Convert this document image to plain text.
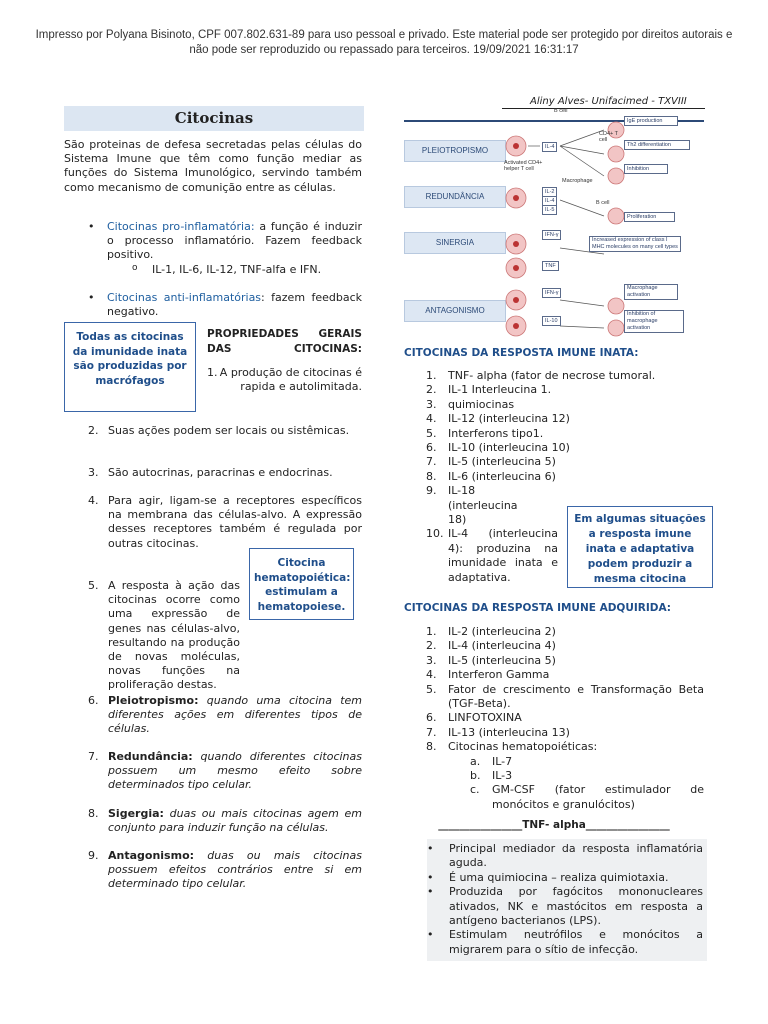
Impresso por Polyana Bisinoto, CPF 007.802.631-89 para uso pessoal e privado. Este material pode ser protegido por direitos autorais e
não pode ser reproduzido ou repassado para terceiros. 19/09/2021 16:31:17
Citocinas
Aliny Alves- Unifacimed - TXVIII
São proteinas de defesa secretadas pelas células do Sistema Imune que têm como função mediar as funções do Sistema Imunológico, servindo também como mecanismo de comunição entre as células.
• Citocinas pro-inflamatória: a função é induzir o processo inflamatório. Fazem feedback positivo.
o IL-1, IL-6, IL-12, TNF-alfa e IFN.
• Citocinas anti-inflamatórias: fazem feedback negativo.
Todas as citocinas da imunidade inata são produzidas por macrófagos
PROPRIEDADES GERAIS DAS CITOCINAS:
1. A produção de citocinas é rapida e autolimitada.
2. Suas ações podem ser locais ou sistêmicas.
3. São autocrinas, paracrinas e endocrinas.
4. Para agir, ligam-se a receptores específicos na membrana das células-alvo. A expressão desses receptores também é regulada por outras citocinas.
Citocina hematopoiética: estimulam a hematopoiese.
5. A resposta à ação das citocinas ocorre como uma expressão de genes nas células-alvo, resultando na produção de novas moléculas, novas funções na proliferação destas.
6. Pleiotropismo: quando uma citocina tem diferentes ações em diferentes tipos de células.
7. Redundância: quando diferentes citocinas possuem um mesmo efeito sobre determinados tipo celular.
8. Sigergia: duas ou mais citocinas agem em conjunto para induzir função na células.
9. Antagonismo: duas ou mais citocinas possuem efeitos contrários entre si em determinado tipo celular.
PLEIOTROPISMO
REDUNDÂNCIA
SINERGIA
ANTAGONISMO
B cell
CD4+ T cell
Activated CD4+ helper T cell
Macrophage
B cell
IL-4
IL-2
IL-4
IL-5
IFN-γ
TNF
IFN-γ
IL-10
IgE production
Th2 differentiation
Inhibition
Proliferation
Increased expression of class I MHC molecules on many cell types
Macrophage activation
Inhibition of macrophage activation
CITOCINAS DA RESPOSTA IMUNE INATA:
1.	TNF- alpha (fator de necrose tumoral.
2.	IL-1 Interleucina 1.
3.	quimiocinas
4.	IL-12 (interleucina 12)
5.	Interferons tipo1.
6.	IL-10 (interleucina 10)
7.	IL-5 (interleucina 5)
8.	IL-6 (interleucina 6)
9.	IL-18 (interleucina 18)
10. IL-4 (interleucina 4): produzina na imunidade inata e adaptativa.
Em algumas situações a resposta imune inata e adaptativa podem produzir a mesma citocina
CITOCINAS DA RESPOSTA IMUNE ADQUIRIDA:
1.	IL-2 (interleucina 2)
2.	IL-4 (interleucina 4)
3.	IL-5 (interleucina 5)
4.	Interferon Gamma
5.	Fator de crescimento e Transformação Beta (TGF-Beta).
6.	LINFOTOXINA
7.	IL-13 (interleucina 13)
8.	Citocinas hematopoiéticas:
a.	IL-7
b.	IL-3
c.	GM-CSF (fator estimulador de monócitos e granulócitos)
________________TNF- alpha________________
• Principal mediador da resposta inflamatória aguda.
• É uma quimiocina – realiza quimiotaxia.
• Produzida por fagócitos mononucleares ativados, NK e mastócitos em resposta a antígeno bacterianos (LPS).
• Estimulam neutrófilos e monócitos a migrarem para o sítio de infecção.
